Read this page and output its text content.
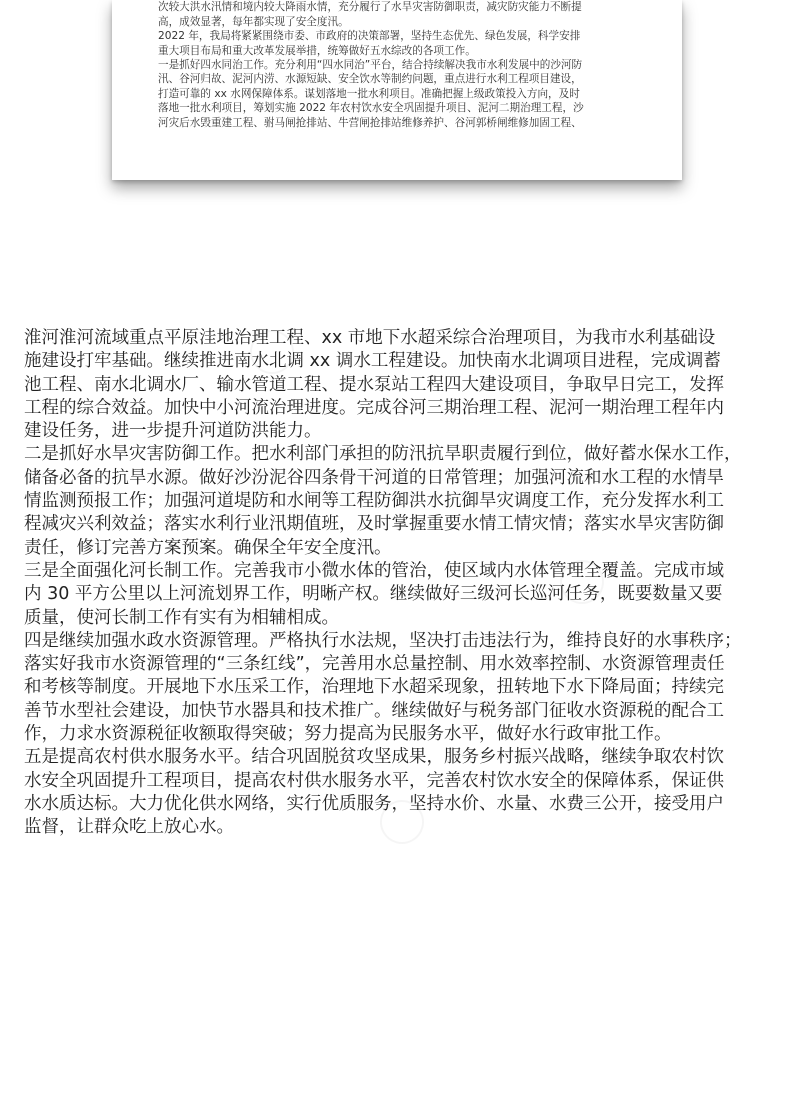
次较大洪水汛情和境内较大降雨水情，充分履行了水旱灾害防御职责，减灾防灾能力不断提

高，成效显著，每年都实现了安全度汛。

2022 年，我局将紧紧围绕市委、市政府的决策部署，坚持生态优先、绿色发展，科学安排

重大项目布局和重大改革发展举措，统筹做好五水综改的各项工作。

一是抓好四水同治工作。充分利用“四水同治”平台，结合持续解决我市水利发展中的沙河防

汛、谷河归故、泥河内涝、水源短缺、安全饮水等制约问题，重点进行水利工程项目建设，

打造可靠的 xx 水网保障体系。谋划落地一批水利项目。准确把握上级政策投入方向，及时

落地一批水利项目，筹划实施 2022 年农村饮水安全巩固提升项目、泥河二期治理工程，沙

河灾后水毁重建工程、驸马闸抢排站、牛营闸抢排站维修养护、谷河郭桥闸维修加固工程、

淮河淮河流域重点平原洼地治理工程、xx 市地下水超采综合治理项目，为我市水利基础设

施建设打牢基础。继续推进南水北调 xx 调水工程建设。加快南水北调项目进程，完成调蓄

池工程、南水北调水厂、输水管道工程、提水泵站工程四大建设项目，争取早日完工，发挥

工程的综合效益。加快中小河流治理进度。完成谷河三期治理工程、泥河一期治理工程年内

建设任务，进一步提升河道防洪能力。

二是抓好水旱灾害防御工作。把水利部门承担的防汛抗旱职责履行到位，做好蓄水保水工作，

储备必备的抗旱水源。做好沙汾泥谷四条骨干河道的日常管理；加强河流和水工程的水情旱

情监测预报工作；加强河道堤防和水闸等工程防御洪水抗御旱灾调度工作，充分发挥水利工

程减灾兴利效益；落实水利行业汛期值班，及时掌握重要水情工情灾情；落实水旱灾害防御

责任，修订完善方案预案。确保全年安全度汛。

三是全面强化河长制工作。完善我市小微水体的管治，使区域内水体管理全覆盖。完成市域

内 30 平方公里以上河流划界工作，明晰产权。继续做好三级河长巡河任务，既要数量又要

质量，使河长制工作有实有为相辅相成。

四是继续加强水政水资源管理。严格执行水法规，坚决打击违法行为，维持良好的水事秩序；

落实好我市水资源管理的“三条红线”，完善用水总量控制、用水效率控制、水资源管理责任

和考核等制度。开展地下水压采工作，治理地下水超采现象，扭转地下水下降局面；持续完

善节水型社会建设，加快节水器具和技术推广。继续做好与税务部门征收水资源税的配合工

作，力求水资源税征收额取得突破；努力提高为民服务水平，做好水行政审批工作。

五是提高农村供水服务水平。结合巩固脱贫攻坚成果，服务乡村振兴战略，继续争取农村饮

水安全巩固提升工程项目，提高农村供水服务水平，完善农村饮水安全的保障体系，保证供

水水质达标。大力优化供水网络，实行优质服务，坚持水价、水量、水费三公开，接受用户

监督，让群众吃上放心水。
